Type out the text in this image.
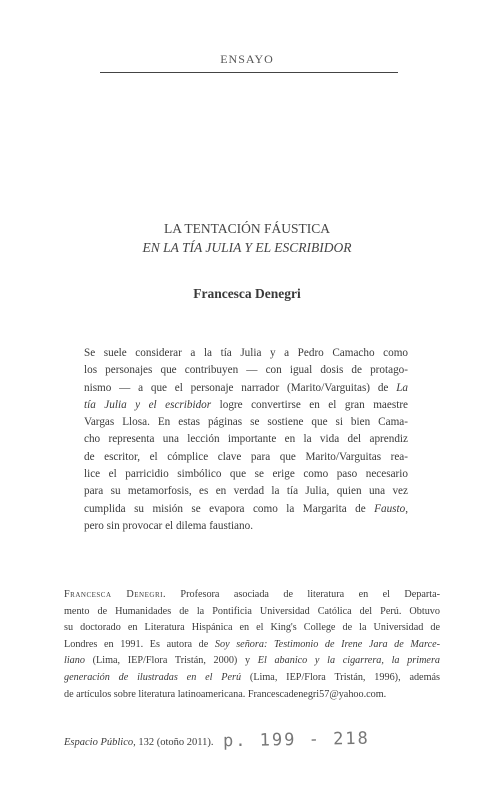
ENSAYO
LA TENTACIÓN FÁUSTICA
EN LA TÍA JULIA Y EL ESCRIBIDOR
Francesca Denegri
Se suele considerar a la tía Julia y a Pedro Camacho como
los personajes que contribuyen — con igual dosis de protago-
nismo — a que el personaje narrador (Marito/Varguitas) de La
tía Julia y el escribidor logre convertirse en el gran maestre
Vargas Llosa. En estas páginas se sostiene que si bien Cama-
cho representa una lección importante en la vida del aprendiz
de escritor, el cómplice clave para que Marito/Varguitas rea-
lice el parricidio simbólico que se erige como paso necesario
para su metamorfosis, es en verdad la tía Julia, quien una vez
cumplida su misión se evapora como la Margarita de Fausto,
pero sin provocar el dilema faustiano.
Francesca Denegri. Profesora asociada de literatura en el Departa-
mento de Humanidades de la Pontificia Universidad Católica del Perú. Obtuvo
su doctorado en Literatura Hispánica en el King's College de la Universidad de
Londres en 1991. Es autora de Soy señora: Testimonio de Irene Jara de Marce-
liano (Lima, IEP/Flora Tristán, 2000) y El abanico y la cigarrera, la primera
generación de ilustradas en el Perú (Lima, IEP/Flora Tristán, 1996), además
de artículos sobre literatura latinoamericana. Francescadenegri57@yahoo.com.
Espacio Público, 132 (otoño 2011). p. 199 - 218
